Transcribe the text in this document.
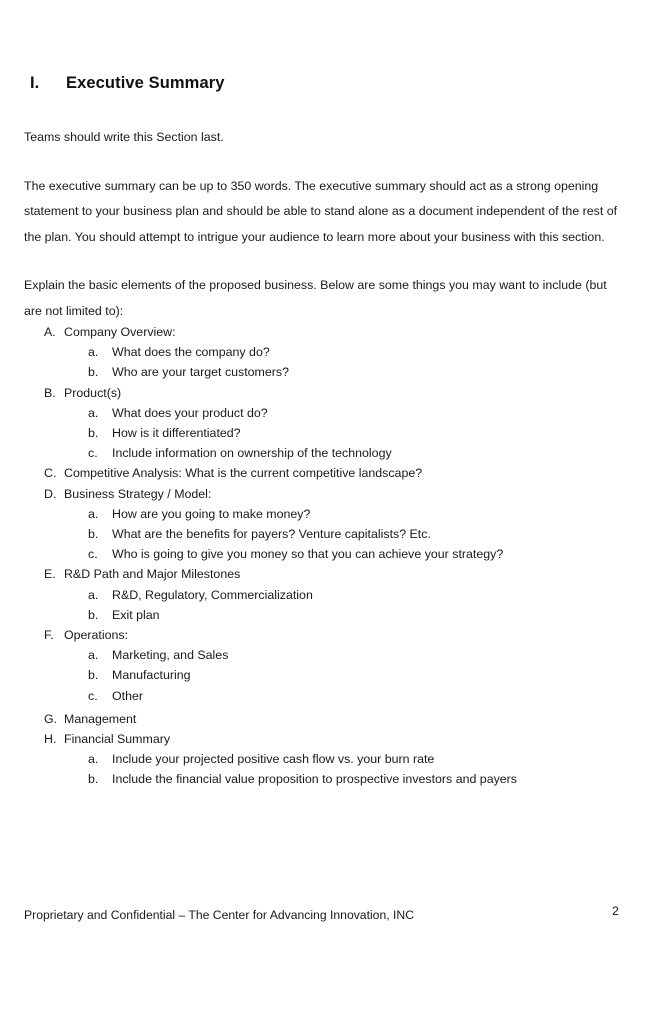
I.	Executive Summary

Teams should write this Section last.

The executive summary can be up to 350 words. The executive summary should act as a strong opening statement to your business plan and should be able to stand alone as a document independent of the rest of the plan. You should attempt to intrigue your audience to learn more about your business with this section.

Explain the basic elements of the proposed business. Below are some things you may want to include (but are not limited to):

A. Company Overview:
a.	What does the company do?
b.	Who are your target customers?
B. Product(s)
a.	What does your product do?
b.	How is it differentiated?
c.	Include information on ownership of the technology
C. Competitive Analysis: What is the current competitive landscape?
D. Business Strategy / Model:
a.	How are you going to make money?
b.	What are the benefits for payers? Venture capitalists? Etc.
c.	Who is going to give you money so that you can achieve your strategy?
E. R&D Path and Major Milestones
a.	R&D, Regulatory, Commercialization
b.	Exit plan
F. Operations:
a.	Marketing, and Sales
b.	Manufacturing
c.	Other
G. Management
H. Financial Summary
a.	Include your projected positive cash flow vs. your burn rate
b.	Include the financial value proposition to prospective investors and payers
Proprietary and Confidential – The Center for Advancing Innovation, INC	2
